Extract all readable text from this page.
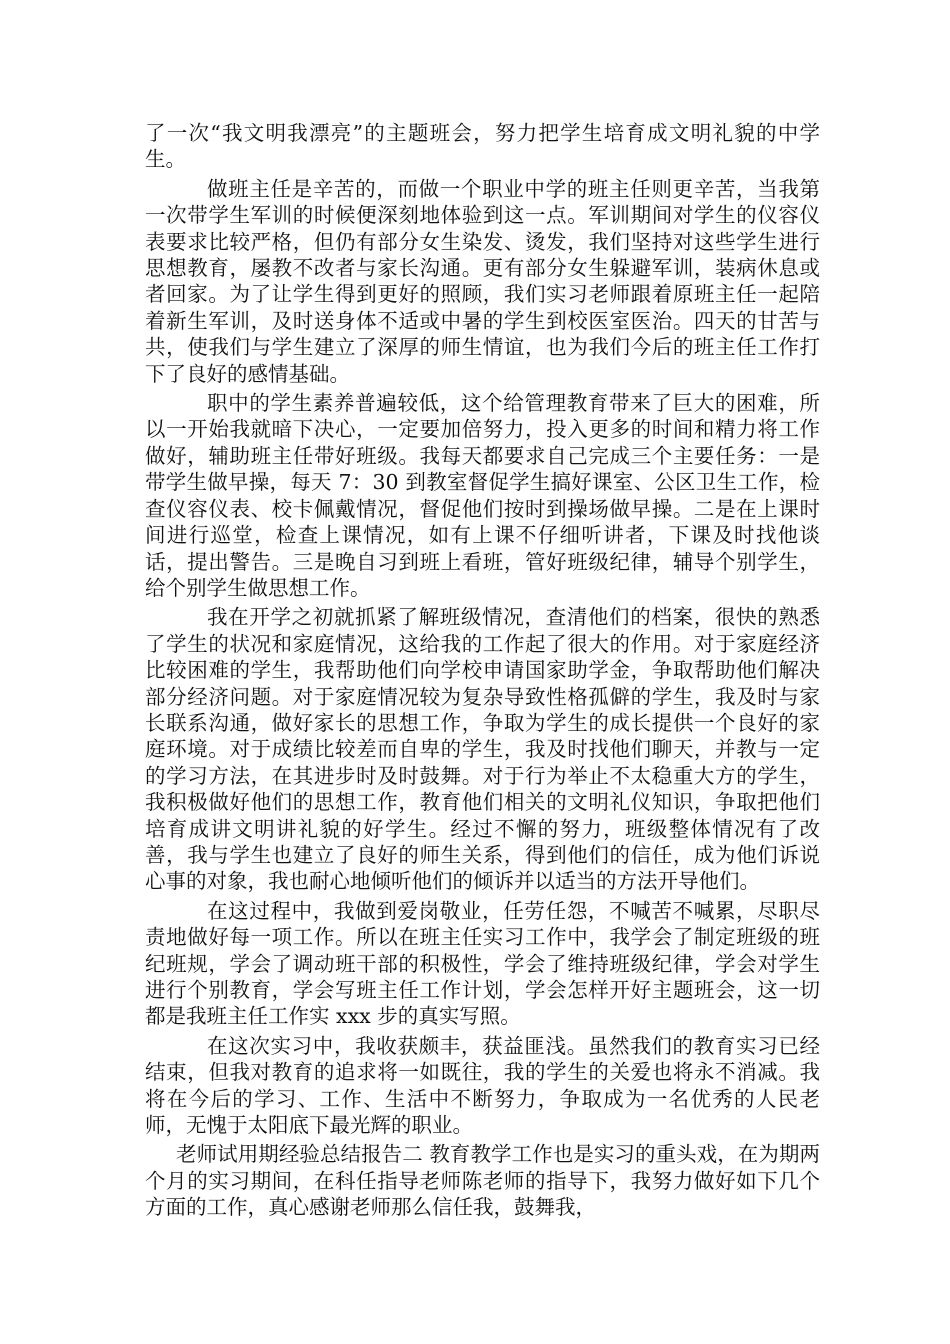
了一次“我文明我漂亮”的主题班会，努力把学生培育成文明礼貌的中学生。

做班主任是辛苦的，而做一个职业中学的班主任则更辛苦，当我第一次带学生军训的时候便深刻地体验到这一点。军训期间对学生的仪容仪表要求比较严格，但仍有部分女生染发、烫发，我们坚持对这些学生进行思想教育，屡教不改者与家长沟通。更有部分女生躲避军训，装病休息或者回家。为了让学生得到更好的照顾，我们实习老师跟着原班主任一起陪着新生军训，及时送身体不适或中暑的学生到校医室医治。四天的甘苦与共，使我们与学生建立了深厚的师生情谊，也为我们今后的班主任工作打下了良好的感情基础。

职中的学生素养普遍较低，这个给管理教育带来了巨大的困难，所以一开始我就暗下决心，一定要加倍努力，投入更多的时间和精力将工作做好，辅助班主任带好班级。我每天都要求自己完成三个主要任务：一是带学生做早操，每天 7：30 到教室督促学生搞好课室、公区卫生工作，检查仪容仪表、校卡佩戴情况，督促他们按时到操场做早操。二是在上课时间进行巡堂，检查上课情况，如有上课不仔细听讲者，下课及时找他谈话，提出警告。三是晚自习到班上看班，管好班级纪律，辅导个别学生，给个别学生做思想工作。

我在开学之初就抓紧了解班级情况，查清他们的档案，很快的熟悉了学生的状况和家庭情况，这给我的工作起了很大的作用。对于家庭经济比较困难的学生，我帮助他们向学校申请国家助学金，争取帮助他们解决部分经济问题。对于家庭情况较为复杂导致性格孤僻的学生，我及时与家长联系沟通，做好家长的思想工作，争取为学生的成长提供一个良好的家庭环境。对于成绩比较差而自卑的学生，我及时找他们聊天，并教与一定的学习方法，在其进步时及时鼓舞。对于行为举止不太稳重大方的学生，我积极做好他们的思想工作，教育他们相关的文明礼仪知识，争取把他们培育成讲文明讲礼貌的好学生。经过不懈的努力，班级整体情况有了改善，我与学生也建立了良好的师生关系，得到他们的信任，成为他们诉说心事的对象，我也耐心地倾听他们的倾诉并以适当的方法开导他们。

在这过程中，我做到爱岗敬业，任劳任怨，不喊苦不喊累，尽职尽责地做好每一项工作。所以在班主任实习工作中，我学会了制定班级的班纪班规，学会了调动班干部的积极性，学会了维持班级纪律，学会对学生进行个别教育，学会写班主任工作计划，学会怎样开好主题班会，这一切都是我班主任工作实 xxx 步的真实写照。

在这次实习中，我收获颇丰，获益匪浅。虽然我们的教育实习已经结束，但我对教育的追求将一如既往，我的学生的关爱也将永不消减。我将在今后的学习、工作、生活中不断努力，争取成为一名优秀的人民老师，无愧于太阳底下最光辉的职业。

老师试用期经验总结报告二 教育教学工作也是实习的重头戏，在为期两个月的实习期间，在科任指导老师陈老师的指导下，我努力做好如下几个方面的工作，真心感谢老师那么信任我，鼓舞我，
